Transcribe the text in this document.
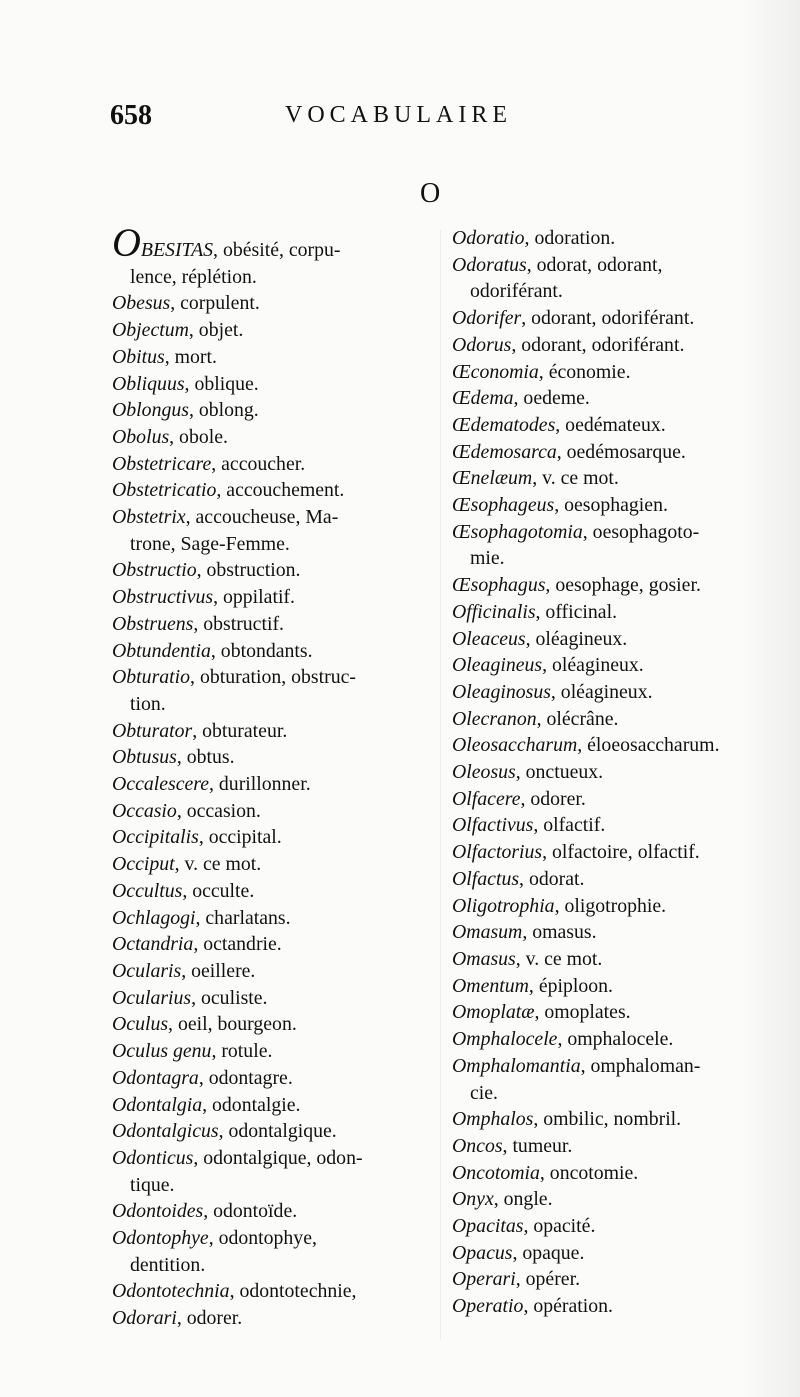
658	VOCABULAIRE
O

OBESITAS, obésité, corpu-

lence, réplétion.

Obesus, corpulent.

Objectum, objet.

Obitus, mort.

Obliquus, oblique.

Oblongus, oblong.

Obolus, obole.

Obstetricare, accoucher.

Obstetricatio, accouchement.

Obstetrix, accoucheuse, Ma-

trone, Sage-Femme.

Obstructio, obstruction.

Obstructivus, oppilatif.

Obstruens, obstructif.

Obtundentia, obtondants.

Obturatio, obturation, obstruc-

tion.

Obturator, obturateur.

Obtusus, obtus.

Occalescere, durillonner.

Occasio, occasion.

Occipitalis, occipital.

Occiput, v. ce mot.

Occultus, occulte.

Ochlagogi, charlatans.

Octandria, octandrie.

Ocularis, oeillere.

Ocularius, oculiste.

Oculus, oeil, bourgeon.

Oculus genu, rotule.

Odontagra, odontagre.

Odontalgia, odontalgie.

Odontalgicus, odontalgique.

Odonticus, odontalgique, odon-

tique.

Odontoides, odontoïde.

Odontophye, odontophye,

dentition.

Odontotechnia, odontotechnie,

Odorari, odorer.

Odoratio, odoration.

Odoratus, odorat, odorant,

odoriférant.

Odorifer, odorant, odoriférant.

Odorus, odorant, odoriférant.

Œconomia, économie.

Œdema, oedeme.

Œdematodes, oedémateux.

Œdemosarca, oedémosarque.

Œnelæum, v. ce mot.

Œsophageus, oesophagien.

Œsophagotomia, oesophagoto-

mie.

Œsophagus, oesophage, gosier.

Officinalis, officinal.

Oleaceus, oléagineux.

Oleagineus, oléagineux.

Oleaginosus, oléagineux.

Olecranon, olécrâne.

Oleosaccharum, éloeosaccharum.

Oleosus, onctueux.

Olfacere, odorer.

Olfactivus, olfactif.

Olfactorius, olfactoire, olfactif.

Olfactus, odorat.

Oligotrophia, oligotrophie.

Omasum, omasus.

Omasus, v. ce mot.

Omentum, épiploon.

Omoplatæ, omoplates.

Omphalocele, omphalocele.

Omphalomantia, omphaloman-

cie.

Omphalos, ombilic, nombril.

Oncos, tumeur.

Oncotomia, oncotomie.

Onyx, ongle.

Opacitas, opacité.

Opacus, opaque.

Operari, opérer.

Operatio, opération.
